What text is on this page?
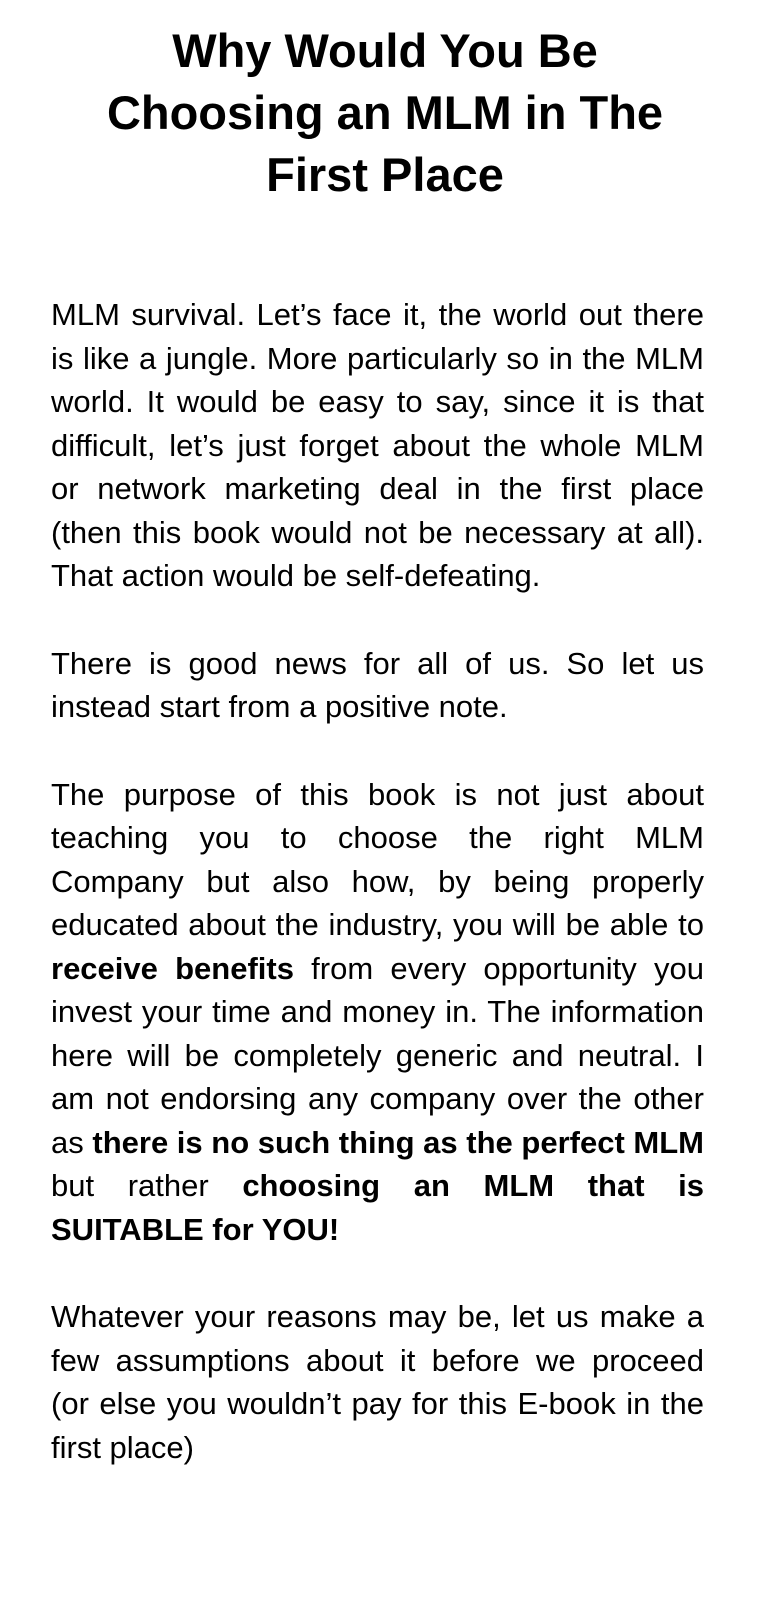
Why Would You Be Choosing an MLM in The First Place

MLM survival. Let’s face it, the world out there is like a jungle. More particularly so in the MLM world. It would be easy to say, since it is that difficult, let’s just forget about the whole MLM or network marketing deal in the first place (then this book would not be necessary at all). That action would be self-defeating.

There is good news for all of us. So let us instead start from a positive note.

The purpose of this book is not just about teaching you to choose the right MLM Company but also how, by being properly educated about the industry, you will be able to receive benefits from every opportunity you invest your time and money in. The information here will be completely generic and neutral. I am not endorsing any company over the other as there is no such thing as the perfect MLM but rather choosing an MLM that is SUITABLE for YOU!

Whatever your reasons may be, let us make a few assumptions about it before we proceed (or else you wouldn’t pay for this E-book in the first place)
